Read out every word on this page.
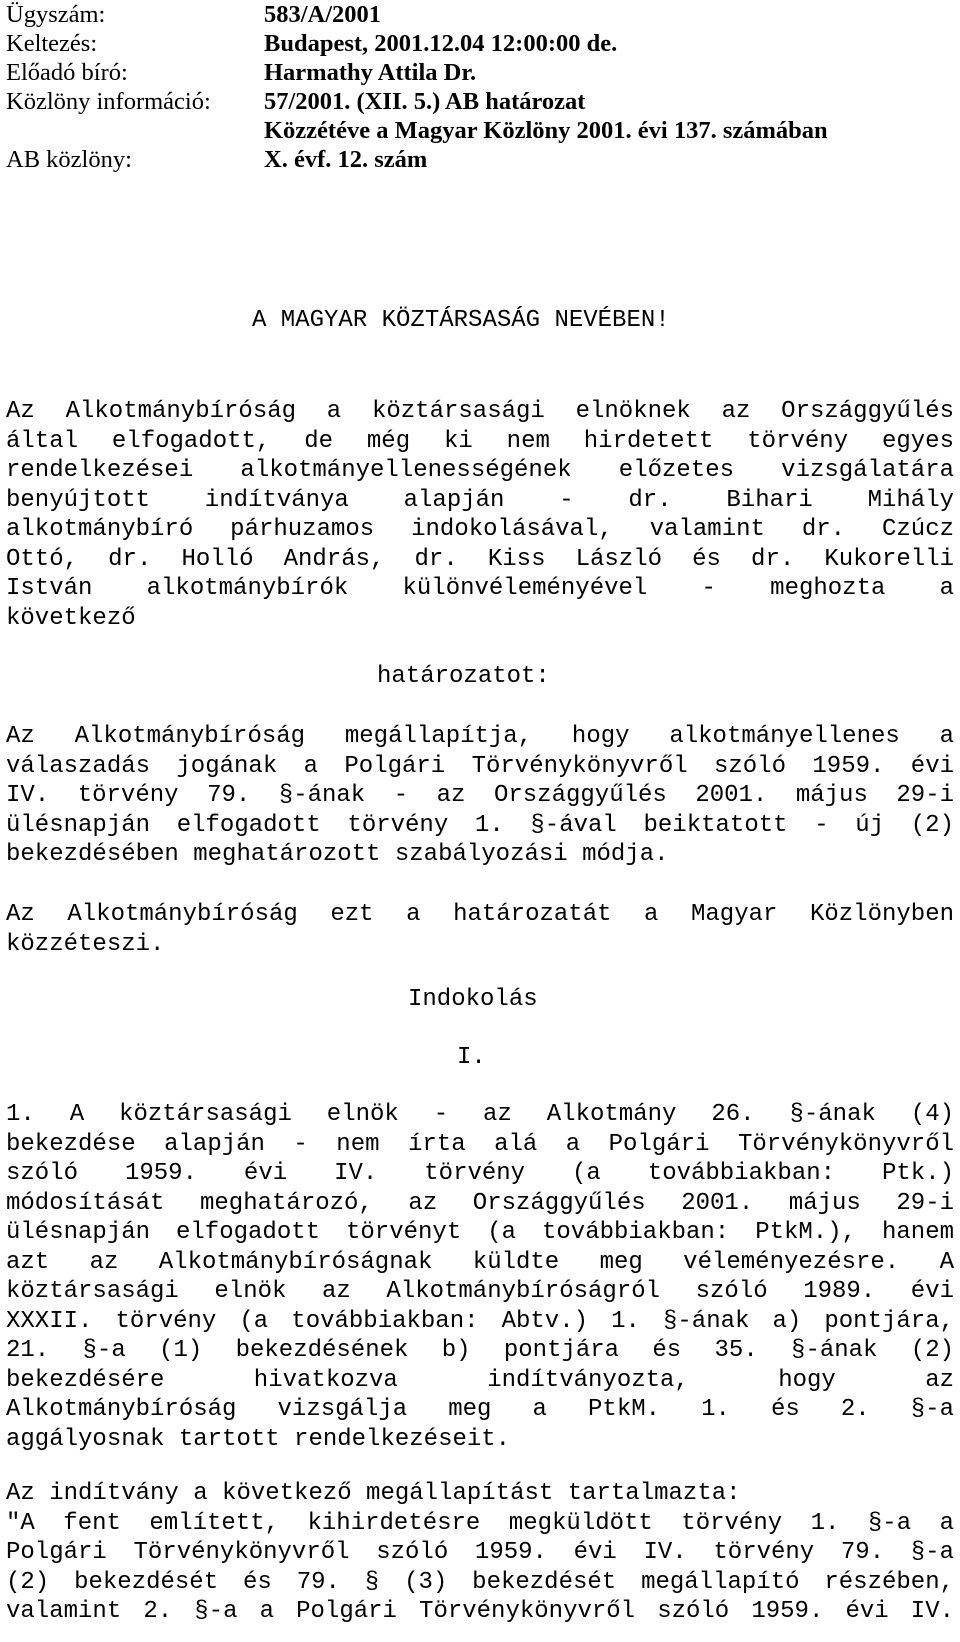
Ügyszám:	583/A/2001
Keltezés:	Budapest, 2001.12.04 12:00:00 de.
Előadó bíró:	Harmathy Attila Dr.
Közlöny információ: 57/2001. (XII. 5.) AB határozat
Közzétéve a Magyar Közlöny 2001. évi 137. számában
AB közlöny:	X. évf. 12. szám
A MAGYAR KÖZTÁRSASÁG NEVÉBEN!
Az Alkotmánybíróság a köztársasági elnöknek az Országgyűlés
által elfogadott, de még ki nem hirdetett törvény egyes
rendelkezései alkotmányellenességének előzetes vizsgálatára
benyújtott indítványa alapján - dr. Bihari Mihály
alkotmánybíró párhuzamos indokolásával, valamint dr. Czúcz
Ottó, dr. Holló András, dr. Kiss László és dr. Kukorelli
István alkotmánybírók különvéleményével - meghozta a
következő
határozatot:
Az Alkotmánybíróság megállapítja, hogy alkotmányellenes a
válaszadás jogának a Polgári Törvénykönyvről szóló 1959. évi
IV. törvény 79. §-ának - az Országgyűlés 2001. május 29-i
ülésnapján elfogadott törvény 1. §-ával beiktatott - új (2)
bekezdésében meghatározott szabályozási módja.
Az Alkotmánybíróság ezt a határozatát a Magyar Közlönyben
közzéteszi.
Indokolás
I.
1. A köztársasági elnök - az Alkotmány 26. §-ának (4)
bekezdése alapján - nem írta alá a Polgári Törvénykönyvről
szóló 1959. évi IV. törvény (a továbbiakban: Ptk.)
módosítását meghatározó, az Országgyűlés 2001. május 29-i
ülésnapján elfogadott törvényt (a továbbiakban: PtkM.), hanem
azt az Alkotmánybíróságnak küldte meg véleményezésre. A
köztársasági elnök az Alkotmánybíróságról szóló 1989. évi
XXXII. törvény (a továbbiakban: Abtv.) 1. §-ának a) pontjára,
21. §-a (1) bekezdésének b) pontjára és 35. §-ának (2)
bekezdésére hivatkozva indítványozta, hogy az
Alkotmánybíróság vizsgálja meg a PtkM. 1. és 2. §-a
aggályosnak tartott rendelkezéseit.
Az indítvány a következő megállapítást tartalmazta:
"A fent említett, kihirdetésre megküldött törvény 1. §-a a
Polgári Törvénykönyvről szóló 1959. évi IV. törvény 79. §-a
(2) bekezdését és 79. § (3) bekezdését megállapító részében,
valamint 2. §-a a Polgári Törvénykönyvről szóló 1959. évi IV.
